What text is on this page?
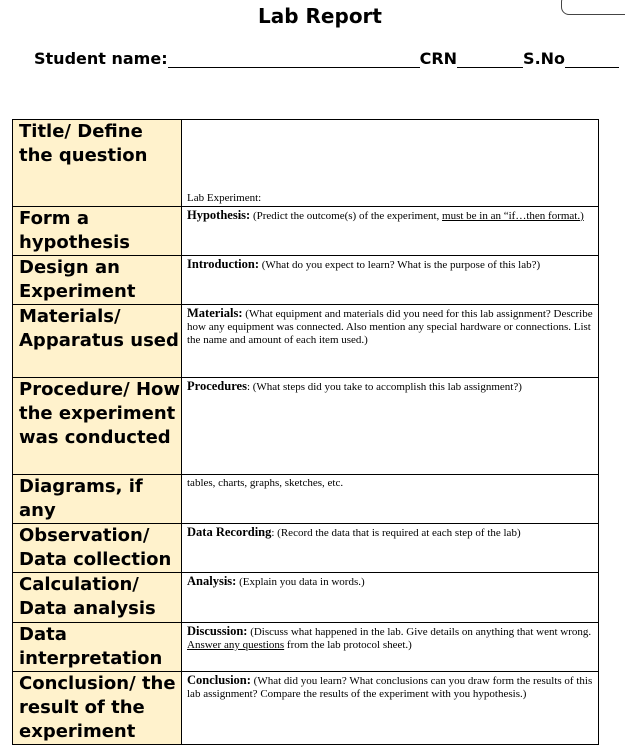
Lab Report
Student name:	CRN	S.No
Title/ Define the question	Lab Experiment:
Form a hypothesis	Hypothesis: (Predict the outcome(s) of the experiment, must be in an “if…then format.)
Design an Experiment	Introduction: (What do you expect to learn? What is the purpose of this lab?)
Materials/ Apparatus used	Materials: (What equipment and materials did you need for this lab assignment? Describe how any equipment was connected. Also mention any special hardware or connections. List the name and amount of each item used.)
Procedure/ How the experiment was conducted	Procedures: (What steps did you take to accomplish this lab assignment?)
Diagrams, if any	tables, charts, graphs, sketches, etc.
Observation/ Data collection	Data Recording: (Record the data that is required at each step of the lab)
Calculation/ Data analysis	Analysis: (Explain you data in words.)
Data interpretation	Discussion: (Discuss what happened in the lab. Give details on anything that went wrong. Answer any questions from the lab protocol sheet.)
Conclusion/ the result of the experiment	Conclusion: (What did you learn? What conclusions can you draw form the results of this lab assignment? Compare the results of the experiment with you hypothesis.)
